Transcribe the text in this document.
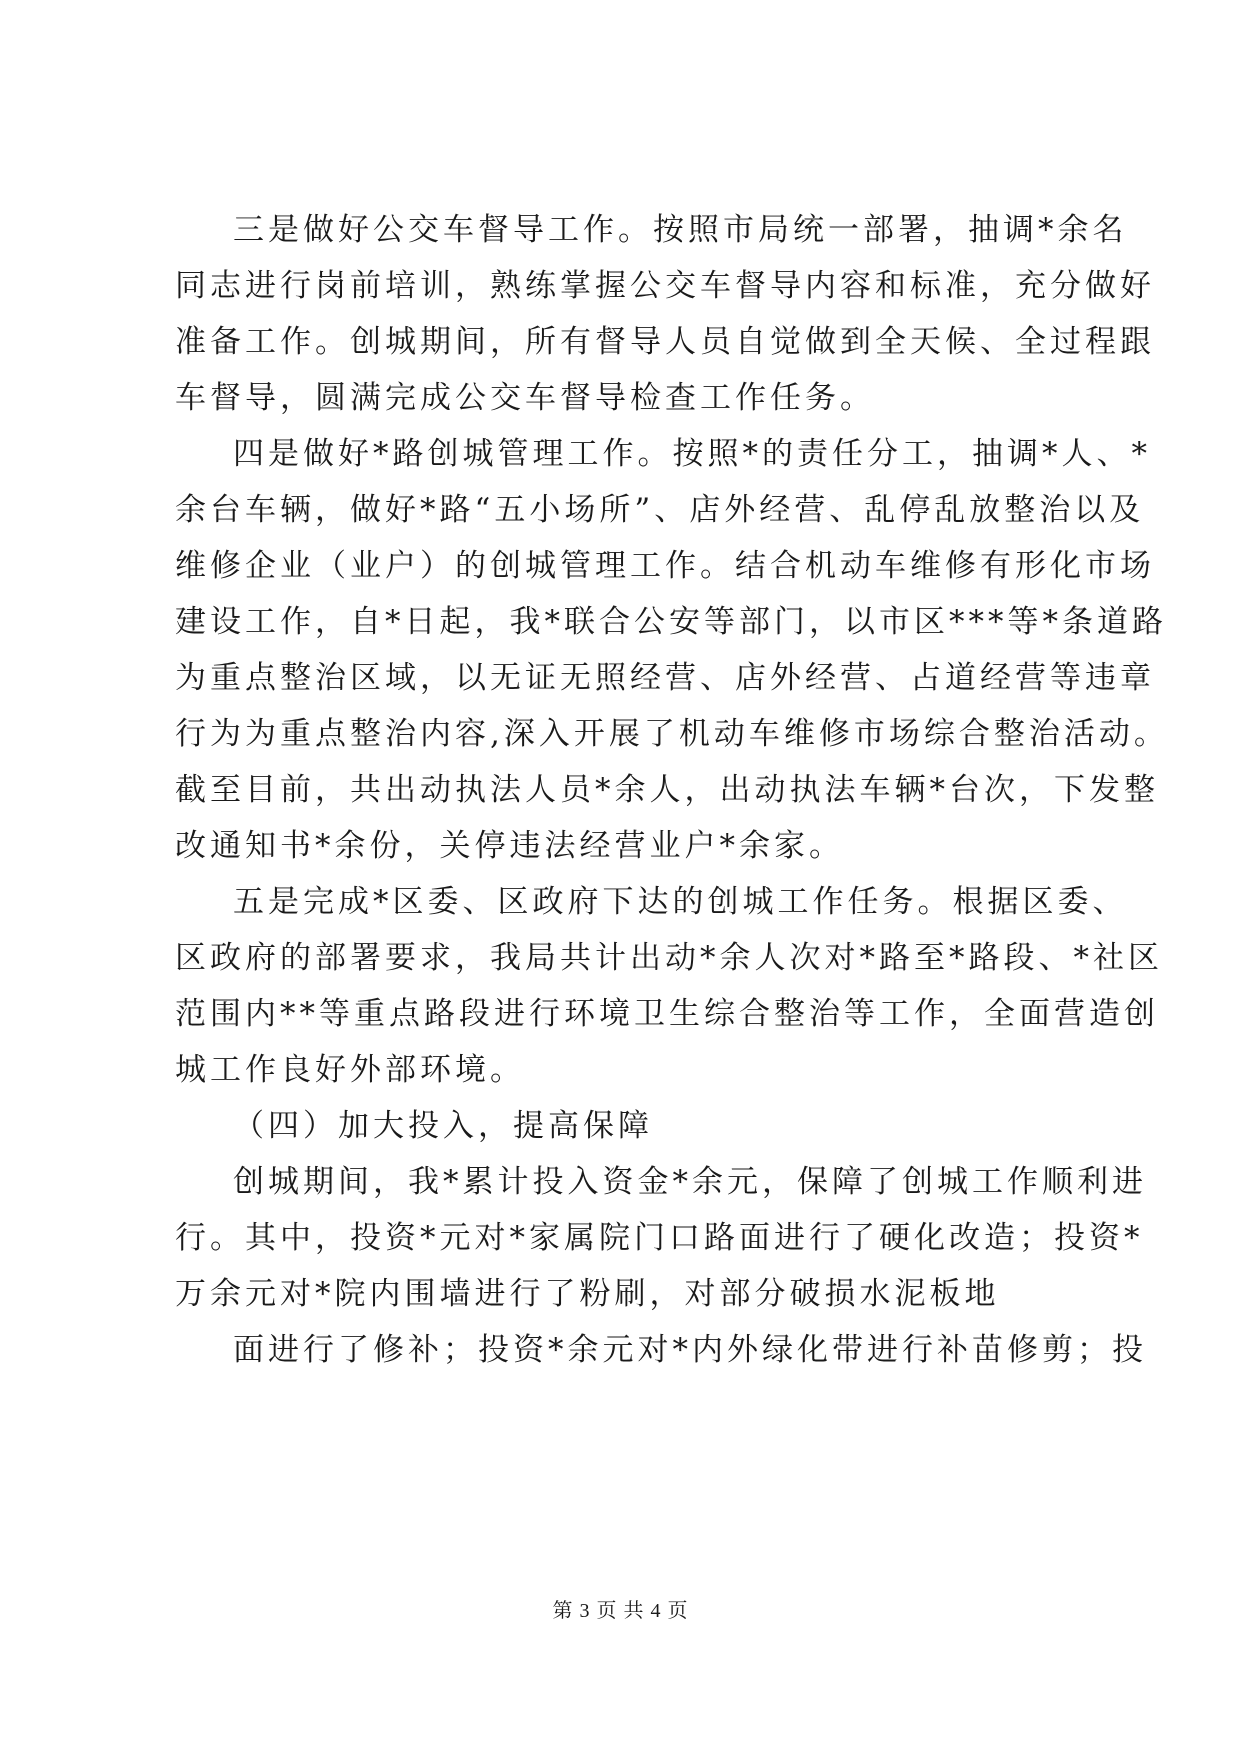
三是做好公交车督导工作。按照市局统一部署，抽调*余名
同志进行岗前培训，熟练掌握公交车督导内容和标准，充分做好
准备工作。创城期间，所有督导人员自觉做到全天候、全过程跟
车督导，圆满完成公交车督导检查工作任务。
四是做好*路创城管理工作。按照*的责任分工，抽调*人、*
余台车辆，做好*路“五小场所”、店外经营、乱停乱放整治以及
维修企业（业户）的创城管理工作。结合机动车维修有形化市场
建设工作，自*日起，我*联合公安等部门，以市区***等*条道路
为重点整治区域，以无证无照经营、店外经营、占道经营等违章
行为为重点整治内容,深入开展了机动车维修市场综合整治活动。
截至目前，共出动执法人员*余人，出动执法车辆*台次，下发整
改通知书*余份，关停违法经营业户*余家。
五是完成*区委、区政府下达的创城工作任务。根据区委、
区政府的部署要求，我局共计出动*余人次对*路至*路段、*社区
范围内**等重点路段进行环境卫生综合整治等工作，全面营造创
城工作良好外部环境。
（四）加大投入，提高保障
创城期间，我*累计投入资金*余元，保障了创城工作顺利进
行。其中，投资*元对*家属院门口路面进行了硬化改造；投资*
万余元对*院内围墙进行了粉刷，对部分破损水泥板地
面进行了修补；投资*余元对*内外绿化带进行补苗修剪；投
第 3 页 共 4 页
